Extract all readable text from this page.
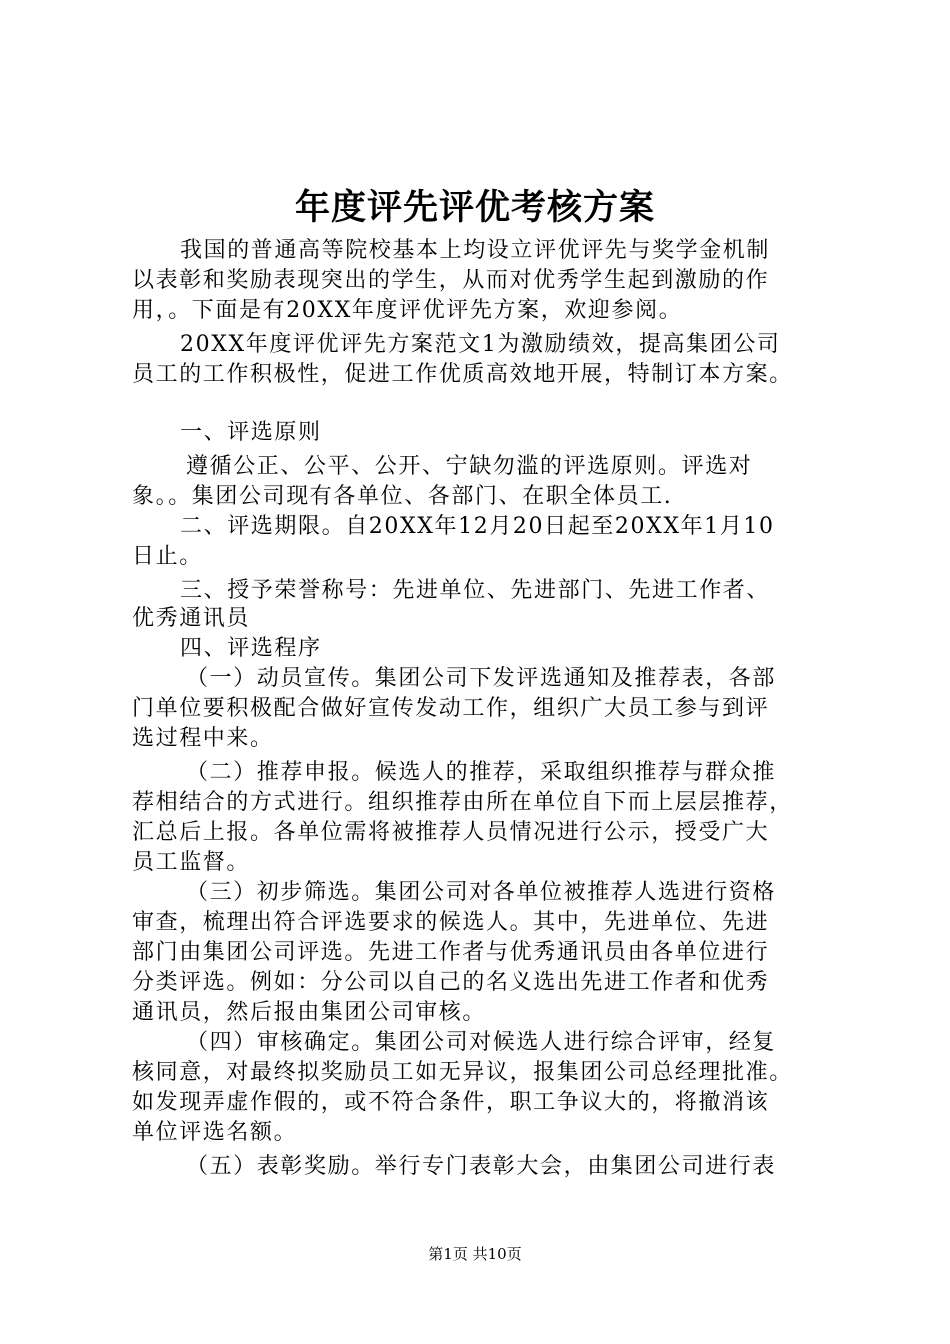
年度评先评优考核方案
我国的普通高等院校基本上均设立评优评先与奖学金机制
以表彰和奖励表现突出的学生，从而对优秀学生起到激励的作
用，。下面是有20XX年度评优评先方案，欢迎参阅。
20XX年度评优评先方案范文1为激励绩效，提高集团公司
员工的工作积极性，促进工作优质高效地开展，特制订本方案。
一、评选原则
遵循公正、公平、公开、宁缺勿滥的评选原则。评选对
象。。集团公司现有各单位、各部门、在职全体员工.
二、评选期限。自20XX年12月20日起至20XX年1月10
日止。
三、授予荣誉称号：先进单位、先进部门、先进工作者、
优秀通讯员
四、评选程序
（一）动员宣传。集团公司下发评选通知及推荐表，各部
门单位要积极配合做好宣传发动工作，组织广大员工参与到评
选过程中来。
（二）推荐申报。候选人的推荐，采取组织推荐与群众推
荐相结合的方式进行。组织推荐由所在单位自下而上层层推荐，
汇总后上报。各单位需将被推荐人员情况进行公示，授受广大
员工监督。
（三）初步筛选。集团公司对各单位被推荐人选进行资格
审查，梳理出符合评选要求的候选人。其中，先进单位、先进
部门由集团公司评选。先进工作者与优秀通讯员由各单位进行
分类评选。例如：分公司以自己的名义选出先进工作者和优秀
通讯员，然后报由集团公司审核。
（四）审核确定。集团公司对候选人进行综合评审，经复
核同意，对最终拟奖励员工如无异议，报集团公司总经理批准。
如发现弄虚作假的，或不符合条件，职工争议大的，将撤消该
单位评选名额。
（五）表彰奖励。举行专门表彰大会，由集团公司进行表
第1页 共10页
